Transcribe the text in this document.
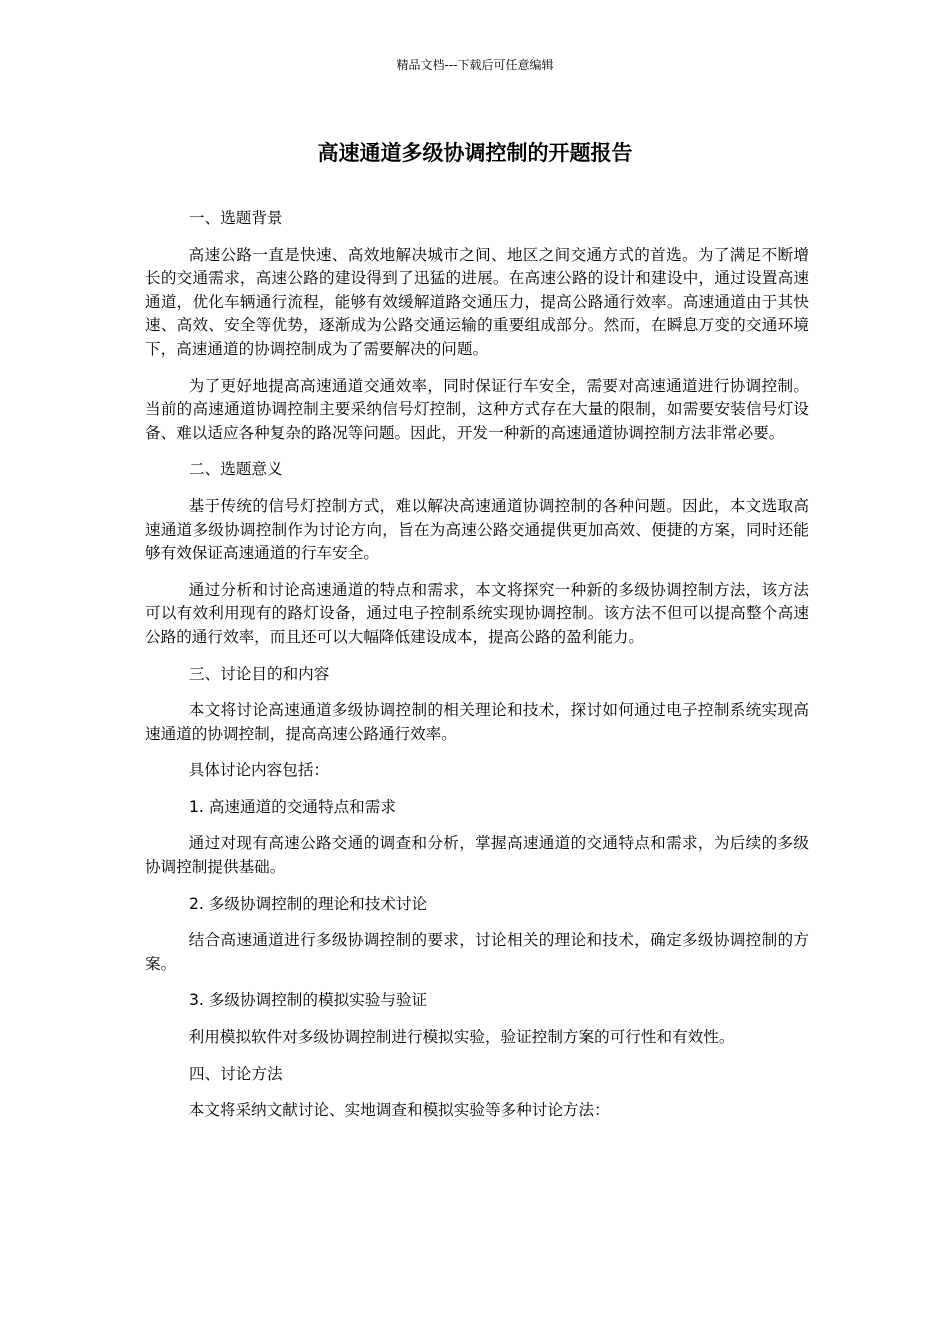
精品文档---下载后可任意编辑
高速通道多级协调控制的开题报告

一、选题背景

高速公路一直是快速、高效地解决城市之间、地区之间交通方式的首选。为了满足不断增长的交通需求，高速公路的建设得到了迅猛的进展。在高速公路的设计和建设中，通过设置高速通道，优化车辆通行流程，能够有效缓解道路交通压力，提高公路通行效率。高速通道由于其快速、高效、安全等优势，逐渐成为公路交通运输的重要组成部分。然而，在瞬息万变的交通环境下，高速通道的协调控制成为了需要解决的问题。

为了更好地提高高速通道交通效率，同时保证行车安全，需要对高速通道进行协调控制。当前的高速通道协调控制主要采纳信号灯控制，这种方式存在大量的限制，如需要安装信号灯设备、难以适应各种复杂的路况等问题。因此，开发一种新的高速通道协调控制方法非常必要。

二、选题意义

基于传统的信号灯控制方式，难以解决高速通道协调控制的各种问题。因此，本文选取高速通道多级协调控制作为讨论方向，旨在为高速公路交通提供更加高效、便捷的方案，同时还能够有效保证高速通道的行车安全。

通过分析和讨论高速通道的特点和需求，本文将探究一种新的多级协调控制方法，该方法可以有效利用现有的路灯设备，通过电子控制系统实现协调控制。该方法不但可以提高整个高速公路的通行效率，而且还可以大幅降低建设成本，提高公路的盈利能力。

三、讨论目的和内容

本文将讨论高速通道多级协调控制的相关理论和技术，探讨如何通过电子控制系统实现高速通道的协调控制，提高高速公路通行效率。

具体讨论内容包括：

1. 高速通道的交通特点和需求

通过对现有高速公路交通的调查和分析，掌握高速通道的交通特点和需求，为后续的多级协调控制提供基础。

2. 多级协调控制的理论和技术讨论

结合高速通道进行多级协调控制的要求，讨论相关的理论和技术，确定多级协调控制的方案。

3. 多级协调控制的模拟实验与验证

利用模拟软件对多级协调控制进行模拟实验，验证控制方案的可行性和有效性。

四、讨论方法

本文将采纳文献讨论、实地调查和模拟实验等多种讨论方法：
